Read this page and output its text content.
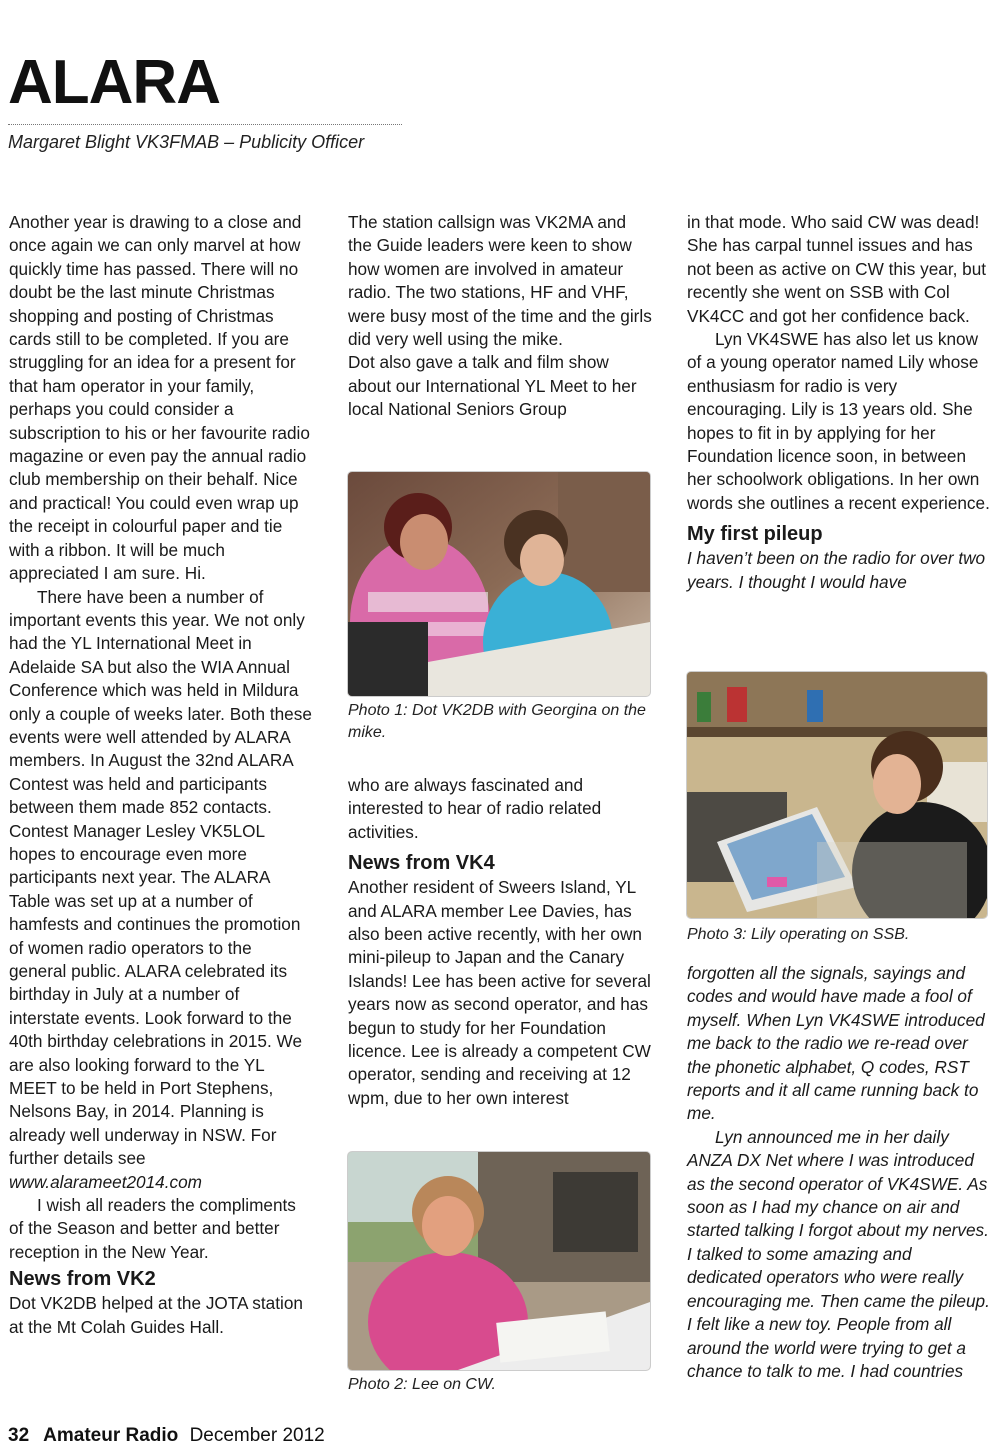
ALARA
Margaret Blight VK3FMAB – Publicity Officer

Another year is drawing to a close and once again we can only marvel at how quickly time has passed. There will no doubt be the last minute Christmas shopping and posting of Christmas cards still to be completed. If you are struggling for an idea for a present for that ham operator in your family, perhaps you could consider a subscription to his or her favourite radio magazine or even pay the annual radio club membership on their behalf. Nice and practical! You could even wrap up the receipt in colourful paper and tie with a ribbon. It will be much appreciated I am sure. Hi.

There have been a number of important events this year. We not only had the YL International Meet in Adelaide SA but also the WIA Annual Conference which was held in Mildura only a couple of weeks later. Both these events were well attended by ALARA members. In August the 32nd ALARA Contest was held and participants between them made 852 contacts. Contest Manager Lesley VK5LOL hopes to encourage even more participants next year. The ALARA Table was set up at a number of hamfests and continues the promotion of women radio operators to the general public. ALARA celebrated its birthday in July at a number of interstate events. Look forward to the 40th birthday celebrations in 2015. We are also looking forward to the YL MEET to be held in Port Stephens, Nelsons Bay, in 2014. Planning is already well underway in NSW. For further details see www.alarameet2014.com

I wish all readers the compliments of the Season and better and better reception in the New Year.

News from VK2

Dot VK2DB helped at the JOTA station at the Mt Colah Guides Hall.

The station callsign was VK2MA and the Guide leaders were keen to show how women are involved in amateur radio. The two stations, HF and VHF, were busy most of the time and the girls did very well using the mike.

Dot also gave a talk and film show about our International YL Meet to her local National Seniors Group

Photo 1: Dot VK2DB with Georgina on the mike.

who are always fascinated and interested to hear of radio related activities.

News from VK4

Another resident of Sweers Island, YL and ALARA member Lee Davies, has also been active recently, with her own mini-pileup to Japan and the Canary Islands! Lee has been active for several years now as second operator, and has begun to study for her Foundation licence. Lee is already a competent CW operator, sending and receiving at 12 wpm, due to her own interest

Photo 2: Lee on CW.

in that mode. Who said CW was dead! She has carpal tunnel issues and has not been as active on CW this year, but recently she went on SSB with Col VK4CC and got her confidence back.

Lyn VK4SWE has also let us know of a young operator named Lily whose enthusiasm for radio is very encouraging. Lily is 13 years old. She hopes to fit in by applying for her Foundation licence soon, in between her schoolwork obligations. In her own words she outlines a recent experience.

My first pileup

I haven’t been on the radio for over two years. I thought I would have

Photo 3: Lily operating on SSB.

forgotten all the signals, sayings and codes and would have made a fool of myself. When Lyn VK4SWE introduced me back to the radio we re-read over the phonetic alphabet, Q codes, RST reports and it all came running back to me.

Lyn announced me in her daily ANZA DX Net where I was introduced as the second operator of VK4SWE. As soon as I had my chance on air and started talking I forgot about my nerves. I talked to some amazing and dedicated operators who were really encouraging me. Then came the pileup. I felt like a new toy. People from all around the world were trying to get a chance to talk to me. I had countries

32 Amateur Radio December 2012
